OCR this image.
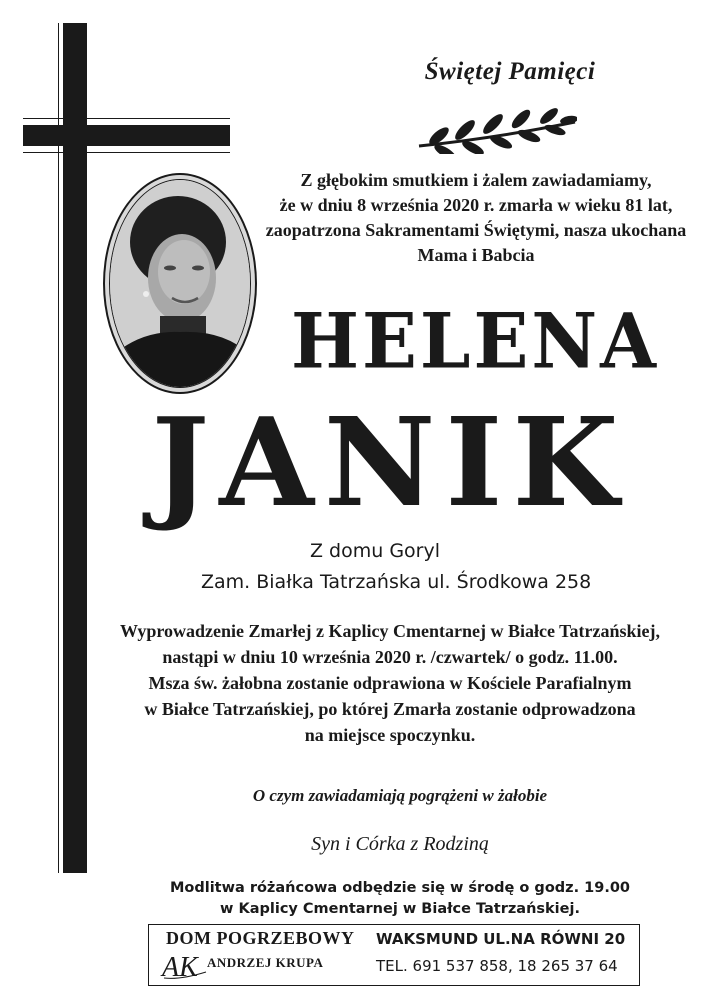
Świętej Pamięci
Z głębokim smutkiem i żalem zawiadamiamy,
że w dniu 8 września 2020 r. zmarła w wieku 81 lat,
zaopatrzona Sakramentami Świętymi, nasza ukochana
Mama i Babcia
HELENA
JANIK
Z domu Goryl
Zam. Białka Tatrzańska ul. Środkowa 258
Wyprowadzenie Zmarłej z Kaplicy Cmentarnej w Białce Tatrzańskiej,
nastąpi w dniu 10 września 2020 r. /czwartek/ o godz. 11.00.
Msza św. żałobna zostanie odprawiona w Kościele Parafialnym
w Białce Tatrzańskiej, po której Zmarła zostanie odprowadzona
na miejsce spoczynku.
O czym zawiadamiają pogrążeni w żałobie
Syn i Córka z Rodziną
Modlitwa różańcowa odbędzie się w środę o godz. 19.00
w Kaplicy Cmentarnej w Białce Tatrzańskiej.
DOM POGRZEBOWY
AK ANDRZEJ KRUPA
WAKSMUND UL.NA RÓWNI 20
TEL. 691 537 858, 18 265 37 64
